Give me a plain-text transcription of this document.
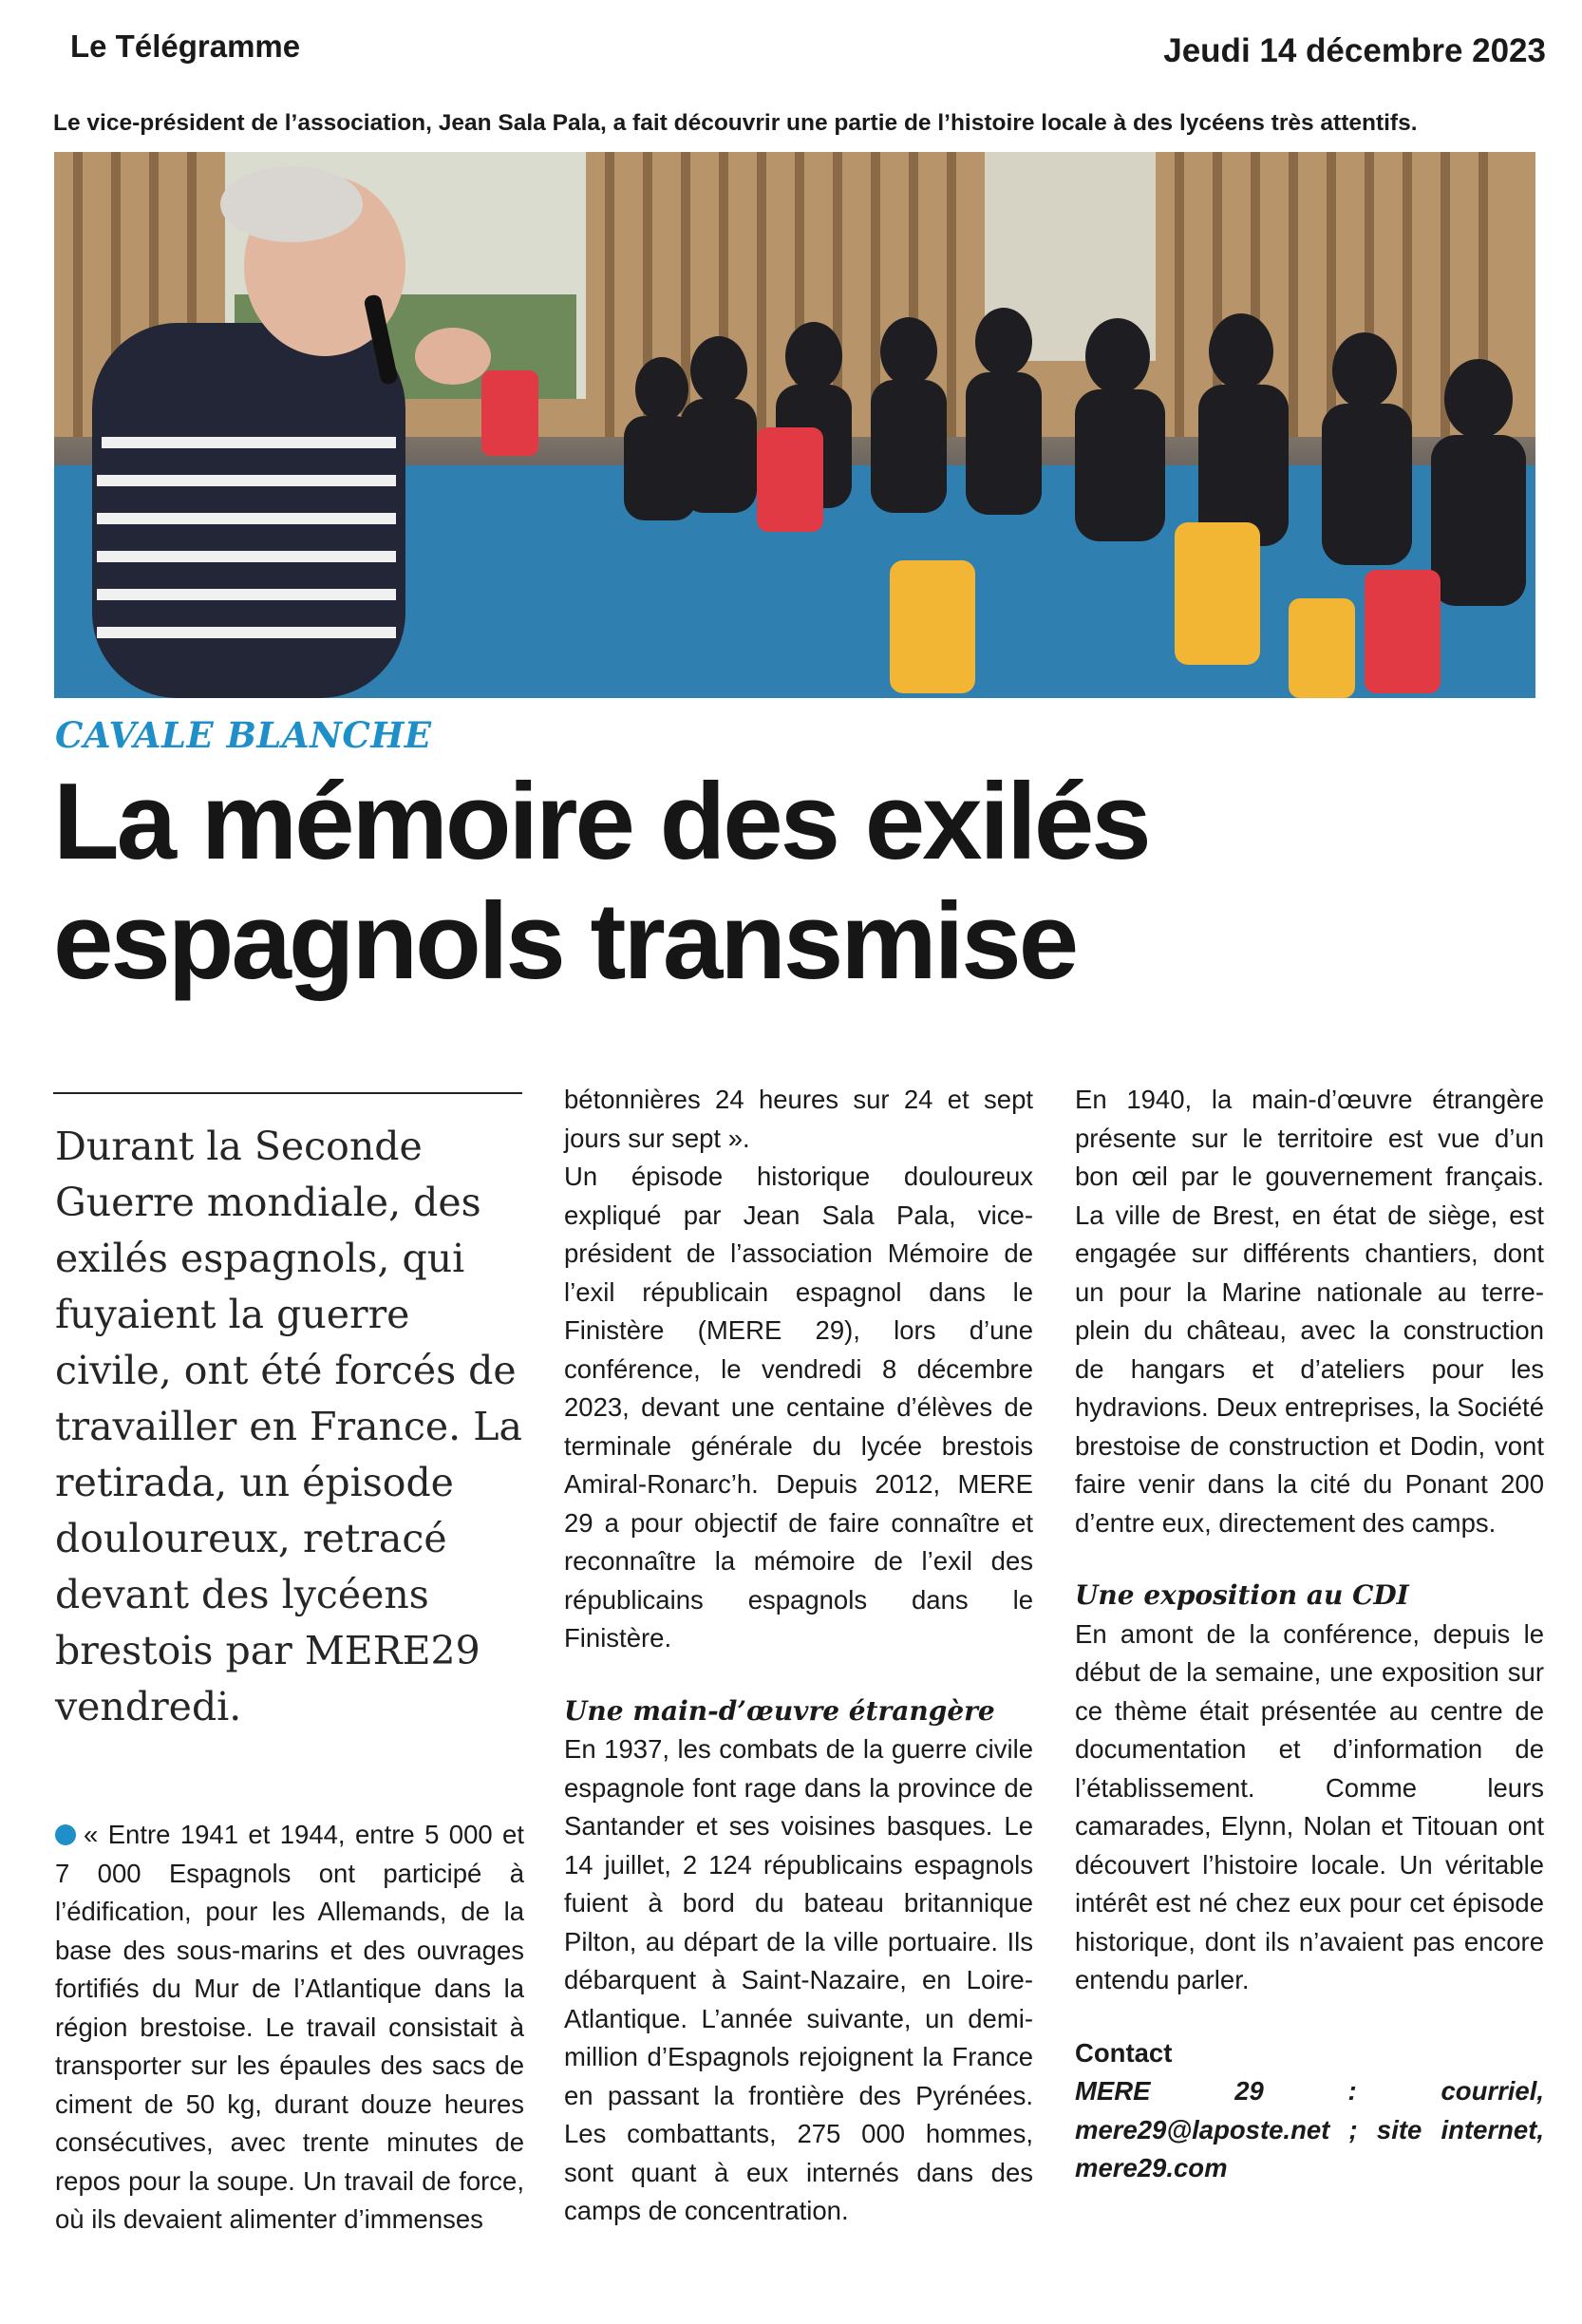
Le Télégramme	Jeudi 14 décembre 2023
Le vice-président de l’association, Jean Sala Pala, a fait découvrir une partie de l’histoire locale à des lycéens très attentifs.
CAVALE BLANCHE
La mémoire des exilés
espagnols transmise
Durant la Seconde Guerre mondiale, des exilés espagnols, qui fuyaient la guerre civile, ont été forcés de travailler en France. La retirada, un épisode douloureux, retracé devant des lycéens brestois par MERE29 vendredi.
« Entre 1941 et 1944, entre 5 000 et 7 000 Espagnols ont participé à l’édification, pour les Allemands, de la base des sous-marins et des ouvrages fortifiés du Mur de l’Atlantique dans la région brestoise. Le travail consistait à transporter sur les épaules des sacs de ciment de 50 kg, durant douze heures consécutives, avec trente minutes de repos pour la soupe. Un travail de force, où ils devaient alimenter d’immenses

bétonnières 24 heures sur 24 et sept jours sur sept ».

Un épisode historique douloureux expliqué par Jean Sala Pala, vice-président de l’association Mémoire de l’exil républicain espagnol dans le Finistère (MERE 29), lors d’une conférence, le vendredi 8 décembre 2023, devant une centaine d’élèves de terminale générale du lycée brestois Amiral-Ronarc’h. Depuis 2012, MERE 29 a pour objectif de faire connaître et reconnaître la mémoire de l’exil des républicains espagnols dans le Finistère.

Une main-d’œuvre étrangère

En 1937, les combats de la guerre civile espagnole font rage dans la province de Santander et ses voisines basques. Le 14 juillet, 2 124 républicains espagnols fuient à bord du bateau britannique Pilton, au départ de la ville portuaire. Ils débarquent à Saint-Nazaire, en Loire-Atlantique. L’année suivante, un demi-million d’Espagnols rejoignent la France en passant la frontière des Pyrénées. Les combattants, 275 000 hommes, sont quant à eux internés dans des camps de concentration.

En 1940, la main-d’œuvre étrangère présente sur le territoire est vue d’un bon œil par le gouvernement français. La ville de Brest, en état de siège, est engagée sur différents chantiers, dont un pour la Marine nationale au terre-plein du château, avec la construction de hangars et d’ateliers pour les hydravions. Deux entreprises, la Société brestoise de construction et Dodin, vont faire venir dans la cité du Ponant 200 d’entre eux, directement des camps.

Une exposition au CDI

En amont de la conférence, depuis le début de la semaine, une exposition sur ce thème était présentée au centre de documentation et d’information de l’établissement. Comme leurs camarades, Elynn, Nolan et Titouan ont découvert l’histoire locale. Un véritable intérêt est né chez eux pour cet épisode historique, dont ils n’avaient pas encore entendu parler.

Contact

MERE 29 : courriel, mere29@laposte.net ; site internet, mere29.com
